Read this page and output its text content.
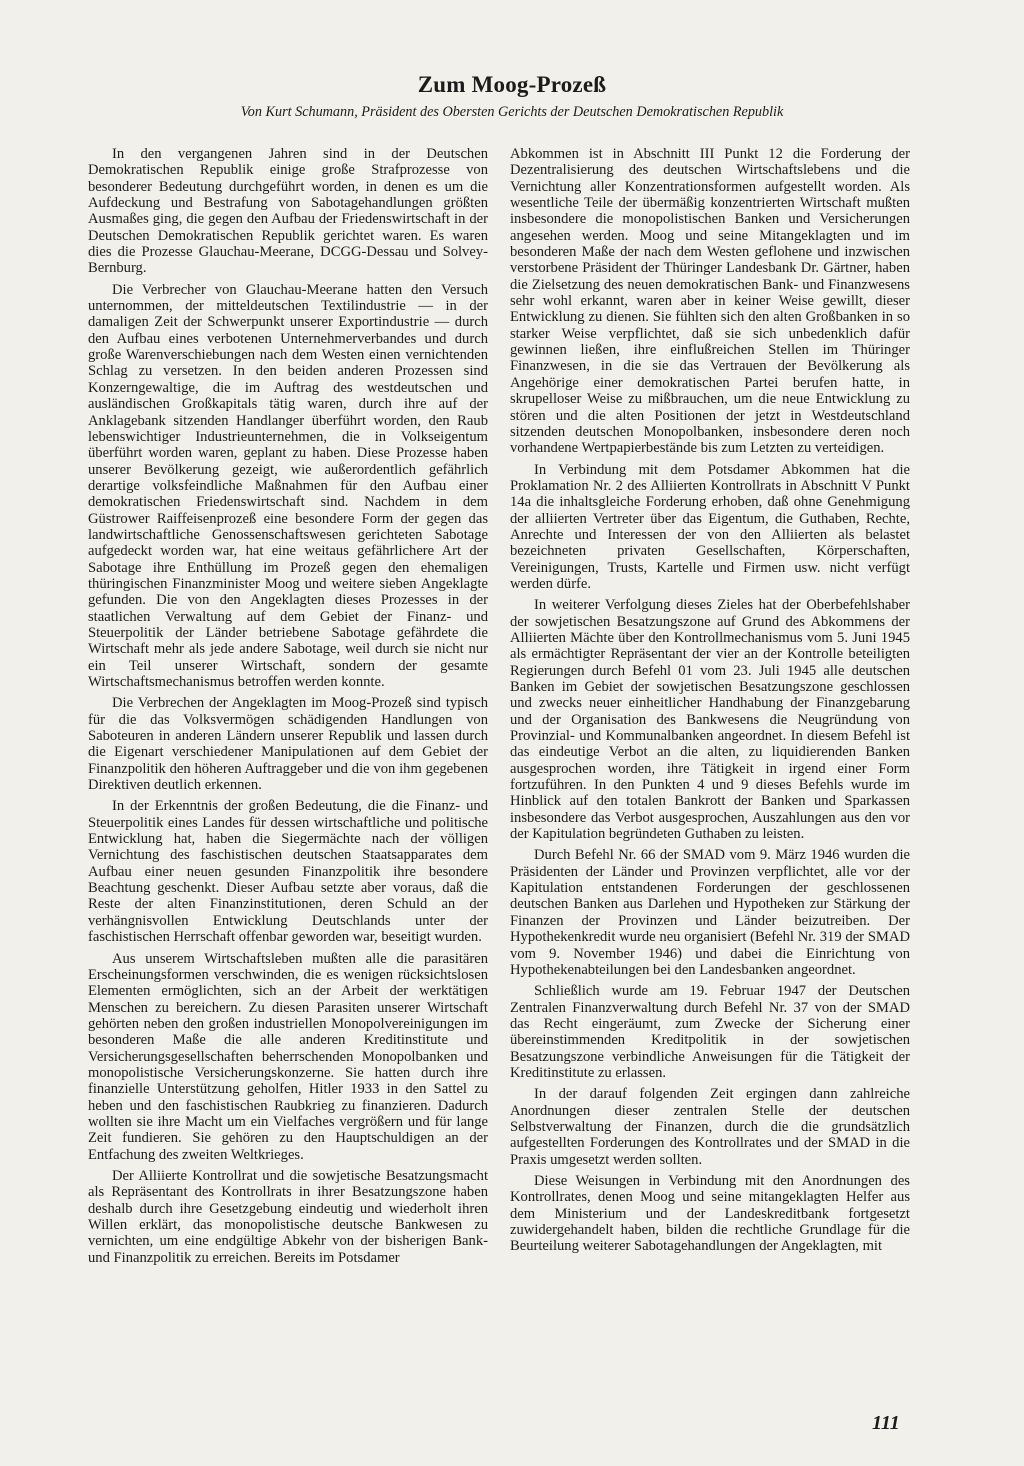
Zum Moog-Prozeß
Von Kurt Schumann, Präsident des Obersten Gerichts der Deutschen Demokratischen Republik

In den vergangenen Jahren sind in der Deutschen Demokratischen Republik einige große Strafprozesse von besonderer Bedeutung durchgeführt worden, in denen es um die Aufdeckung und Bestrafung von Sabotagehandlungen größten Ausmaßes ging, die gegen den Aufbau der Friedenswirtschaft in der Deutschen Demokratischen Republik gerichtet waren. Es waren dies die Prozesse Glauchau-Meerane, DCGG-Dessau und Solvey-Bernburg.

Die Verbrecher von Glauchau-Meerane hatten den Versuch unternommen, der mitteldeutschen Textilindustrie — in der damaligen Zeit der Schwerpunkt unserer Exportindustrie — durch den Aufbau eines verbotenen Unternehmerverbandes und durch große Warenverschiebungen nach dem Westen einen vernichtenden Schlag zu versetzen. In den beiden anderen Prozessen sind Konzerngewaltige, die im Auftrag des westdeutschen und ausländischen Großkapitals tätig waren, durch ihre auf der Anklagebank sitzenden Handlanger überführt worden, den Raub lebenswichtiger Industrieunternehmen, die in Volkseigentum überführt worden waren, geplant zu haben. Diese Prozesse haben unserer Bevölkerung gezeigt, wie außerordentlich gefährlich derartige volksfeindliche Maßnahmen für den Aufbau einer demokratischen Friedenswirtschaft sind. Nachdem in dem Güstrower Raiffeisenprozeß eine besondere Form der gegen das landwirtschaftliche Genossenschaftswesen gerichteten Sabotage aufgedeckt worden war, hat eine weitaus gefährlichere Art der Sabotage ihre Enthüllung im Prozeß gegen den ehemaligen thüringischen Finanzminister Moog und weitere sieben Angeklagte gefunden. Die von den Angeklagten dieses Prozesses in der staatlichen Verwaltung auf dem Gebiet der Finanz- und Steuerpolitik der Länder betriebene Sabotage gefährdete die Wirtschaft mehr als jede andere Sabotage, weil durch sie nicht nur ein Teil unserer Wirtschaft, sondern der gesamte Wirtschaftsmechanismus betroffen werden konnte.

Die Verbrechen der Angeklagten im Moog-Prozeß sind typisch für die das Volksvermögen schädigenden Handlungen von Saboteuren in anderen Ländern unserer Republik und lassen durch die Eigenart verschiedener Manipulationen auf dem Gebiet der Finanzpolitik den höheren Auftraggeber und die von ihm gegebenen Direktiven deutlich erkennen.

In der Erkenntnis der großen Bedeutung, die die Finanz- und Steuerpolitik eines Landes für dessen wirtschaftliche und politische Entwicklung hat, haben die Siegermächte nach der völligen Vernichtung des faschistischen deutschen Staatsapparates dem Aufbau einer neuen gesunden Finanzpolitik ihre besondere Beachtung geschenkt. Dieser Aufbau setzte aber voraus, daß die Reste der alten Finanzinstitutionen, deren Schuld an der verhängnisvollen Entwicklung Deutschlands unter der faschistischen Herrschaft offenbar geworden war, beseitigt wurden.

Aus unserem Wirtschaftsleben mußten alle die parasitären Erscheinungsformen verschwinden, die es wenigen rücksichtslosen Elementen ermöglichten, sich an der Arbeit der werktätigen Menschen zu bereichern. Zu diesen Parasiten unserer Wirtschaft gehörten neben den großen industriellen Monopolvereinigungen im besonderen Maße die alle anderen Kreditinstitute und Versicherungsgesellschaften beherrschenden Monopolbanken und monopolistische Versicherungskonzerne. Sie hatten durch ihre finanzielle Unterstützung geholfen, Hitler 1933 in den Sattel zu heben und den faschistischen Raubkrieg zu finanzieren. Dadurch wollten sie ihre Macht um ein Vielfaches vergrößern und für lange Zeit fundieren. Sie gehören zu den Hauptschuldigen an der Entfachung des zweiten Weltkrieges.

Der Alliierte Kontrollrat und die sowjetische Besatzungsmacht als Repräsentant des Kontrollrats in ihrer Besatzungszone haben deshalb durch ihre Gesetzgebung eindeutig und wiederholt ihren Willen erklärt, das monopolistische deutsche Bankwesen zu vernichten, um eine endgültige Abkehr von der bisherigen Bank- und Finanzpolitik zu erreichen. Bereits im Potsdamer

Abkommen ist in Abschnitt III Punkt 12 die Forderung der Dezentralisierung des deutschen Wirtschaftslebens und die Vernichtung aller Konzentrationsformen aufgestellt worden. Als wesentliche Teile der übermäßig konzentrierten Wirtschaft mußten insbesondere die monopolistischen Banken und Versicherungen angesehen werden. Moog und seine Mitangeklagten und im besonderen Maße der nach dem Westen geflohene und inzwischen verstorbene Präsident der Thüringer Landesbank Dr. Gärtner, haben die Zielsetzung des neuen demokratischen Bank- und Finanzwesens sehr wohl erkannt, waren aber in keiner Weise gewillt, dieser Entwicklung zu dienen. Sie fühlten sich den alten Großbanken in so starker Weise verpflichtet, daß sie sich unbedenklich dafür gewinnen ließen, ihre einflußreichen Stellen im Thüringer Finanzwesen, in die sie das Vertrauen der Bevölkerung als Angehörige einer demokratischen Partei berufen hatte, in skrupelloser Weise zu mißbrauchen, um die neue Entwicklung zu stören und die alten Positionen der jetzt in Westdeutschland sitzenden deutschen Monopolbanken, insbesondere deren noch vorhandene Wertpapierbestände bis zum Letzten zu verteidigen.

In Verbindung mit dem Potsdamer Abkommen hat die Proklamation Nr. 2 des Alliierten Kontrollrats in Abschnitt V Punkt 14a die inhaltsgleiche Forderung erhoben, daß ohne Genehmigung der alliierten Vertreter über das Eigentum, die Guthaben, Rechte, Anrechte und Interessen der von den Alliierten als belastet bezeichneten privaten Gesellschaften, Körperschaften, Vereinigungen, Trusts, Kartelle und Firmen usw. nicht verfügt werden dürfe.

In weiterer Verfolgung dieses Zieles hat der Oberbefehlshaber der sowjetischen Besatzungszone auf Grund des Abkommens der Alliierten Mächte über den Kontrollmechanismus vom 5. Juni 1945 als ermächtigter Repräsentant der vier an der Kontrolle beteiligten Regierungen durch Befehl 01 vom 23. Juli 1945 alle deutschen Banken im Gebiet der sowjetischen Besatzungszone geschlossen und zwecks neuer einheitlicher Handhabung der Finanzgebarung und der Organisation des Bankwesens die Neugründung von Provinzial- und Kommunalbanken angeordnet. In diesem Befehl ist das eindeutige Verbot an die alten, zu liquidierenden Banken ausgesprochen worden, ihre Tätigkeit in irgend einer Form fortzuführen. In den Punkten 4 und 9 dieses Befehls wurde im Hinblick auf den totalen Bankrott der Banken und Sparkassen insbesondere das Verbot ausgesprochen, Auszahlungen aus den vor der Kapitulation begründeten Guthaben zu leisten.

Durch Befehl Nr. 66 der SMAD vom 9. März 1946 wurden die Präsidenten der Länder und Provinzen verpflichtet, alle vor der Kapitulation entstandenen Forderungen der geschlossenen deutschen Banken aus Darlehen und Hypotheken zur Stärkung der Finanzen der Provinzen und Länder beizutreiben. Der Hypothekenkredit wurde neu organisiert (Befehl Nr. 319 der SMAD vom 9. November 1946) und dabei die Einrichtung von Hypothekenabteilungen bei den Landesbanken angeordnet.

Schließlich wurde am 19. Februar 1947 der Deutschen Zentralen Finanzverwaltung durch Befehl Nr. 37 von der SMAD das Recht eingeräumt, zum Zwecke der Sicherung einer übereinstimmenden Kreditpolitik in der sowjetischen Besatzungszone verbindliche Anweisungen für die Tätigkeit der Kreditinstitute zu erlassen.

In der darauf folgenden Zeit ergingen dann zahlreiche Anordnungen dieser zentralen Stelle der deutschen Selbstverwaltung der Finanzen, durch die die grundsätzlich aufgestellten Forderungen des Kontrollrates und der SMAD in die Praxis umgesetzt werden sollten.

Diese Weisungen in Verbindung mit den Anordnungen des Kontrollrates, denen Moog und seine mitangeklagten Helfer aus dem Ministerium und der Landeskreditbank fortgesetzt zuwidergehandelt haben, bilden die rechtliche Grundlage für die Beurteilung weiterer Sabotagehandlungen der Angeklagten, mit

111
